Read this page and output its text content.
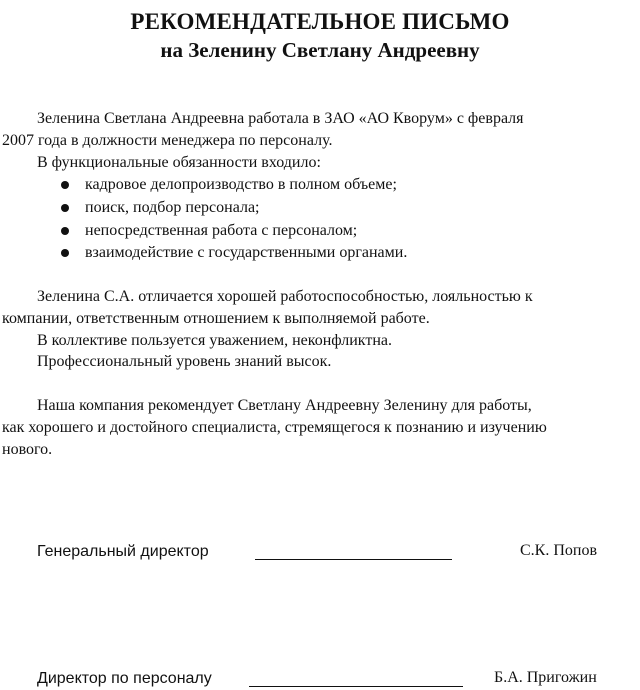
РЕКОМЕНДАТЕЛЬНОЕ ПИСЬМО
на Зеленину Светлану Андреевну
Зеленина Светлана Андреевна работала в ЗАО «АО Кворум» с февраля
2007 года в должности менеджера по персоналу.
В функциональные обязанности входило:
кадровое делопроизводство в полном объеме;
поиск, подбор персонала;
непосредственная работа с персоналом;
взаимодействие с государственными органами.
Зеленина С.А. отличается хорошей работоспособностью, лояльностью к
компании, ответственным отношением к выполняемой работе.
В коллективе пользуется уважением, неконфликтна.
Профессиональный уровень знаний высок.
Наша компания рекомендует Светлану Андреевну Зеленину для работы,
как хорошего и достойного специалиста, стремящегося к познанию и изучению
нового.
Генеральный директор	С.К. Попов
Директор по персоналу	Б.А. Пригожин
